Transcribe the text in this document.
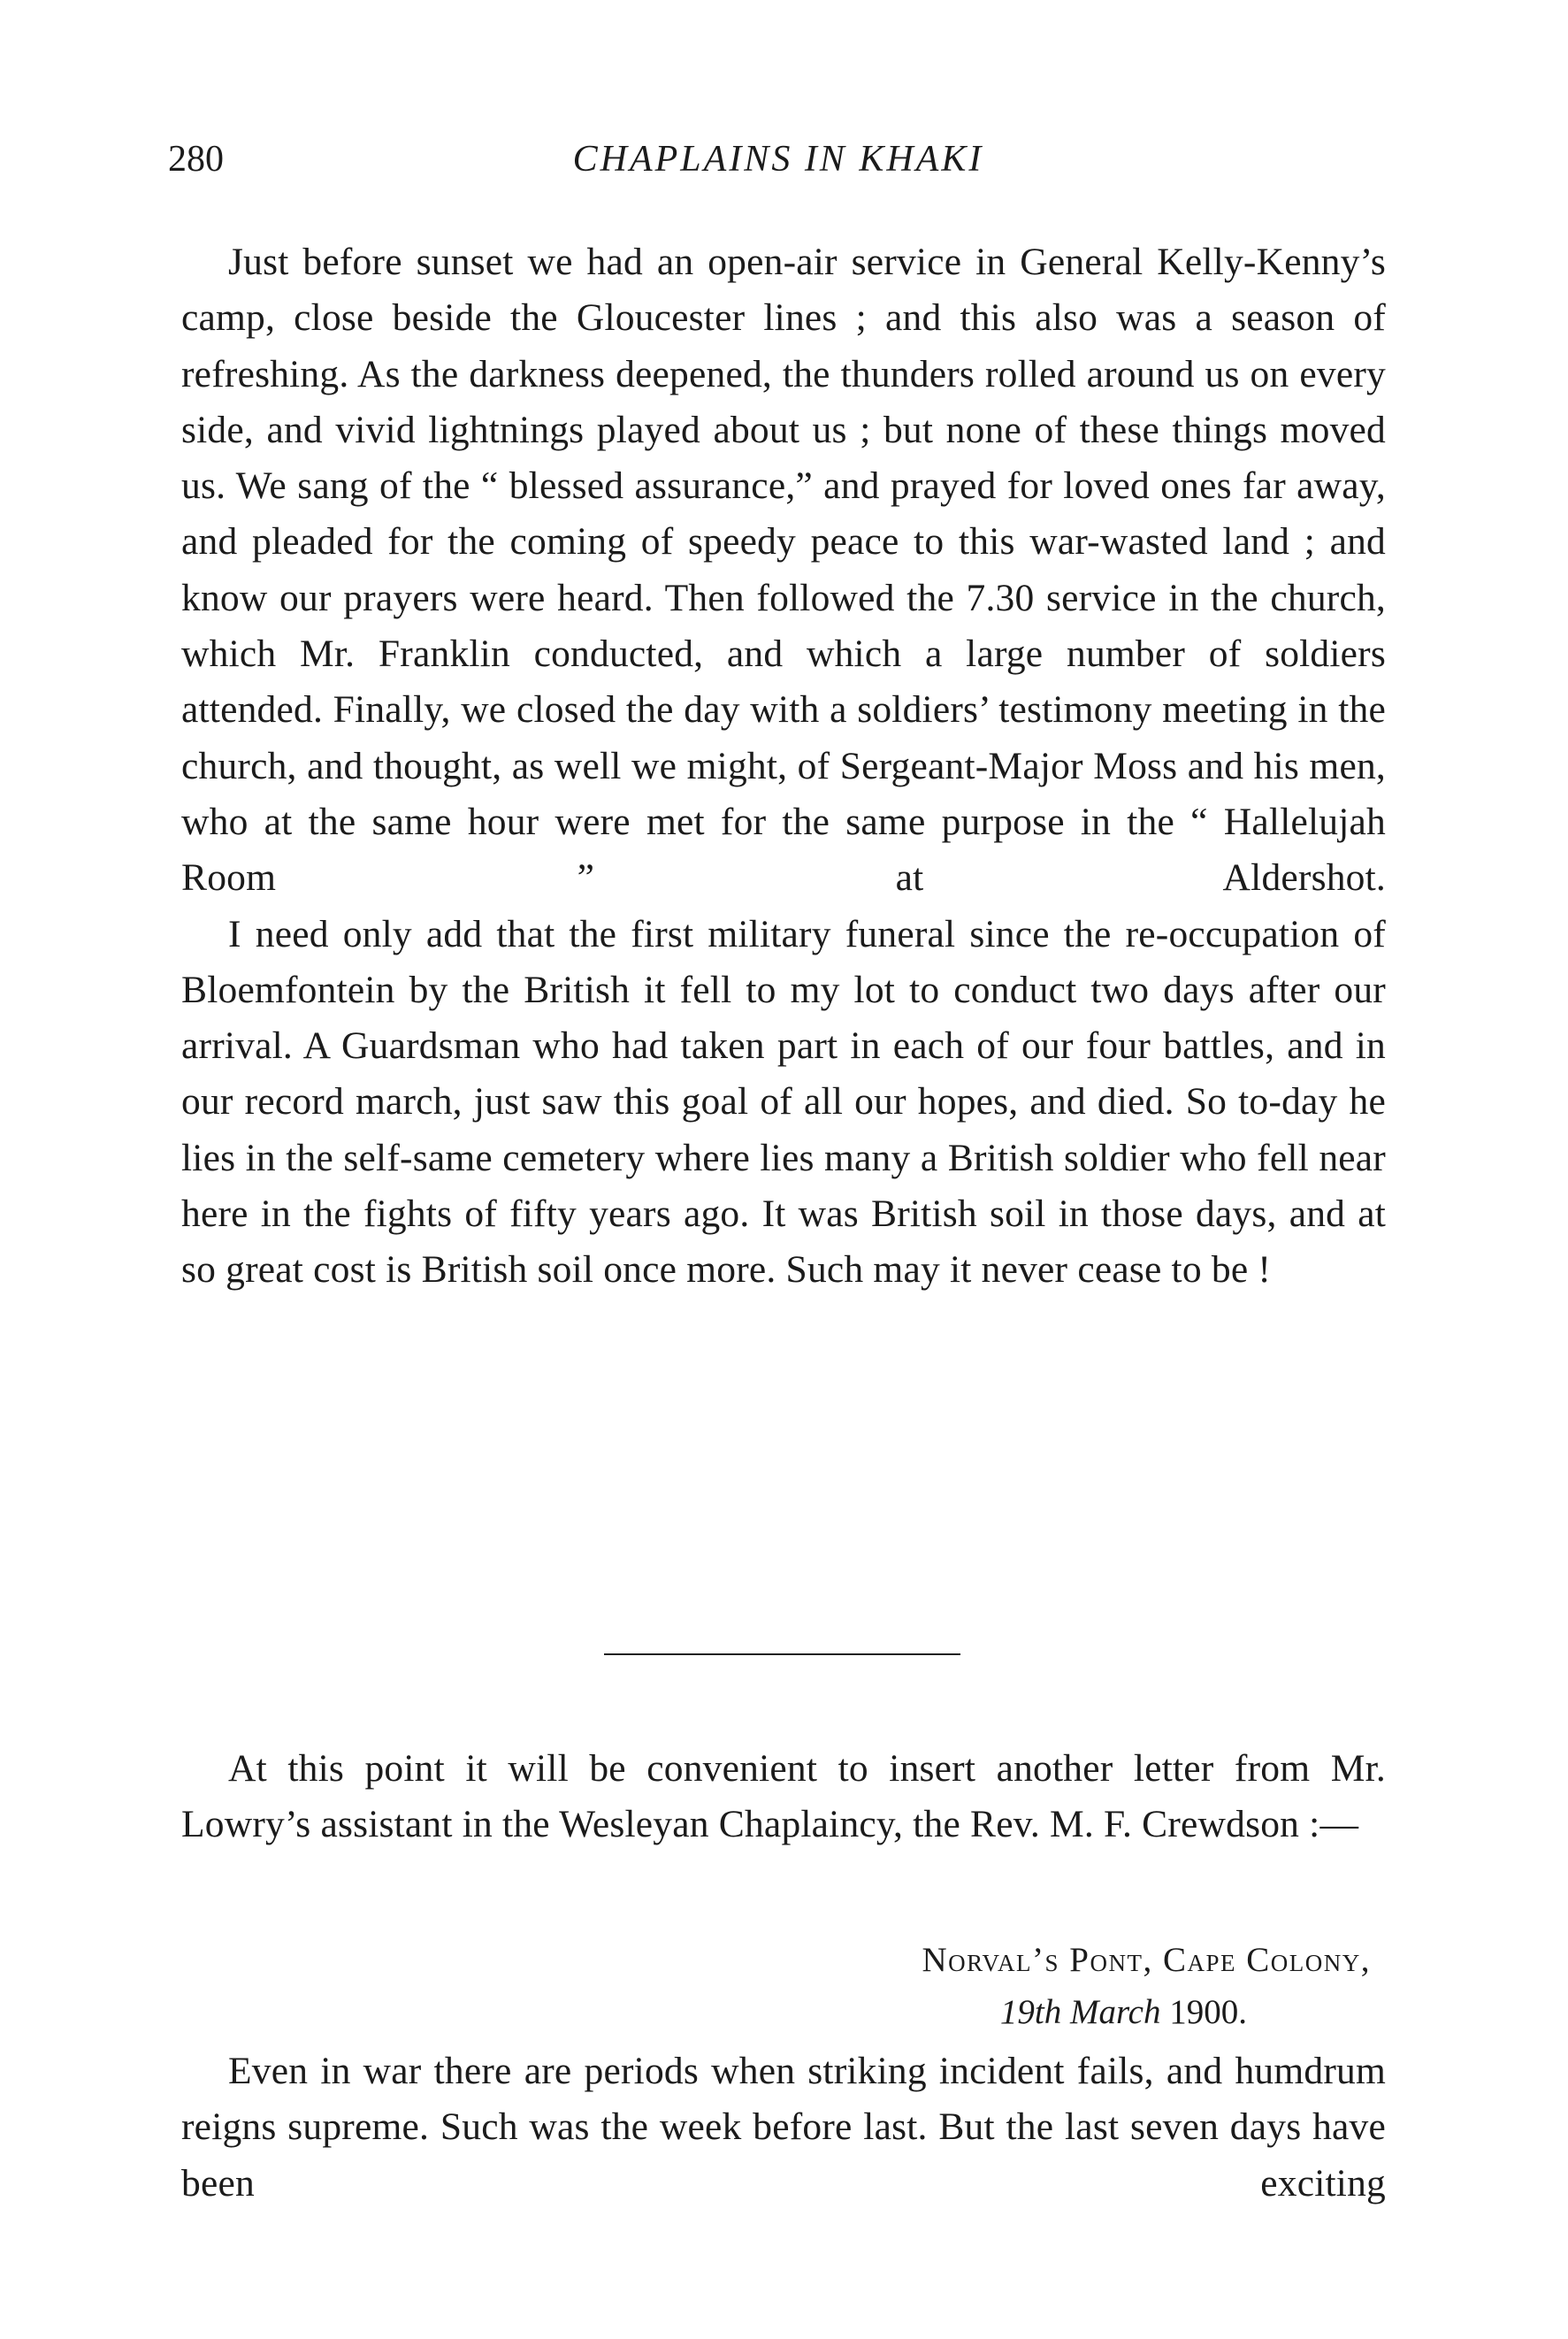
280	CHAPLAINS IN KHAKI

Just before sunset we had an open-air service in General Kelly-Kenny’s camp, close beside the Gloucester lines ; and this also was a season of refreshing. As the darkness deepened, the thunders rolled around us on every side, and vivid lightnings played about us ; but none of these things moved us. We sang of the “ blessed assurance,” and prayed for loved ones far away, and pleaded for the coming of speedy peace to this war-wasted land ; and know our prayers were heard. Then followed the 7.30 service in the church, which Mr. Franklin conducted, and which a large number of soldiers attended. Finally, we closed the day with a soldiers’ testimony meeting in the church, and thought, as well we might, of Sergeant-Major Moss and his men, who at the same hour were met for the same purpose in the “ Hallelujah Room ” at Aldershot.

I need only add that the first military funeral since the re-occupation of Bloemfontein by the British it fell to my lot to conduct two days after our arrival. A Guardsman who had taken part in each of our four battles, and in our record march, just saw this goal of all our hopes, and died. So to-day he lies in the self-same cemetery where lies many a British soldier who fell near here in the fights of fifty years ago. It was British soil in those days, and at so great cost is British soil once more. Such may it never cease to be !

At this point it will be convenient to insert another letter from Mr. Lowry’s assistant in the Wesleyan Chaplaincy, the Rev. M. F. Crewdson :—

Norval’s Pont, Cape Colony,
19th March 1900.

Even in war there are periods when striking incident fails, and humdrum reigns supreme. Such was the week before last. But the last seven days have been exciting
